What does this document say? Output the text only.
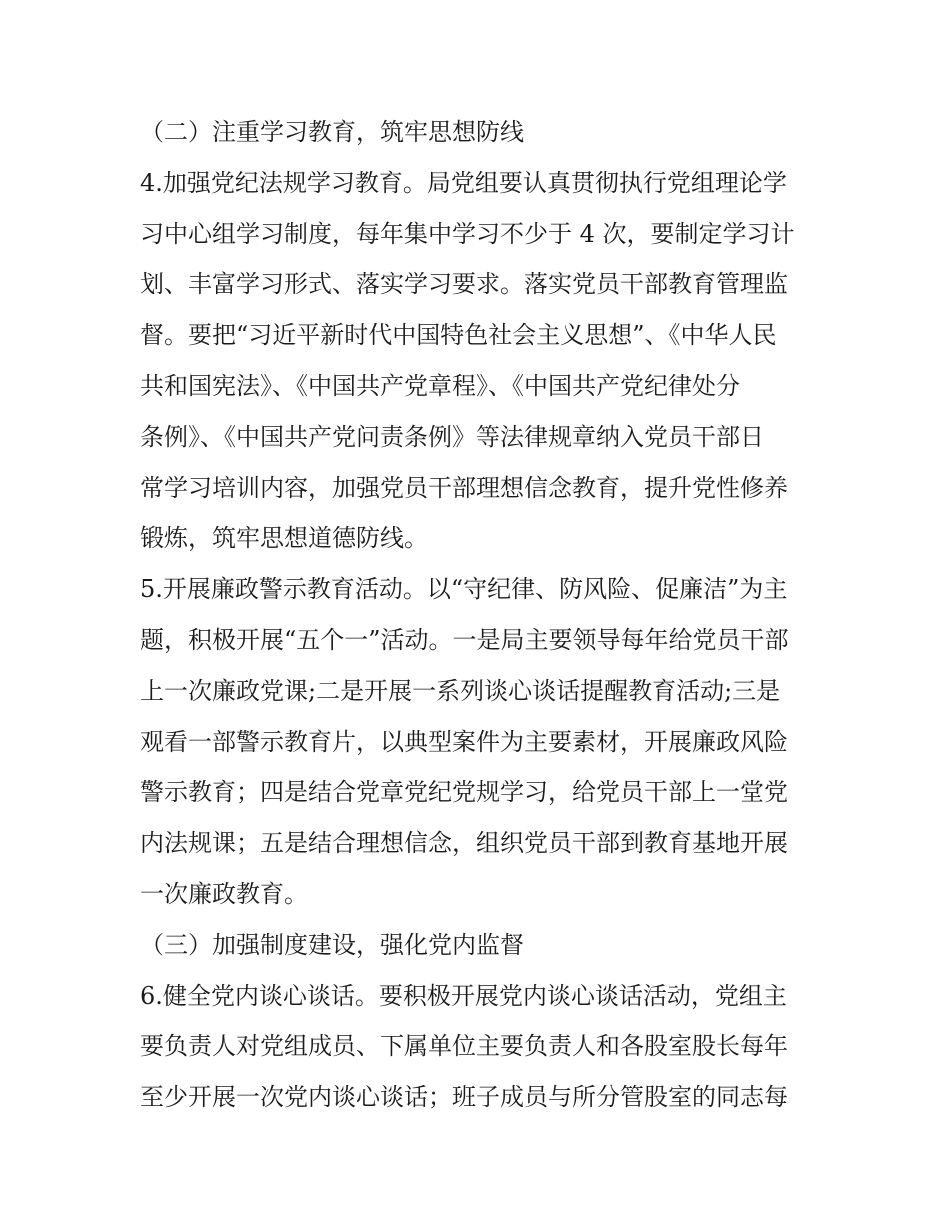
（二）注重学习教育，筑牢思想防线
4.加强党纪法规学习教育。局党组要认真贯彻执行党组理论学
习中心组学习制度，每年集中学习不少于 4 次，要制定学习计
划、丰富学习形式、落实学习要求。落实党员干部教育管理监
督。要把“习近平新时代中国特色社会主义思想”、《中华人民
共和国宪法》、《中国共产党章程》、《中国共产党纪律处分
条例》、《中国共产党问责条例》等法律规章纳入党员干部日
常学习培训内容，加强党员干部理想信念教育，提升党性修养
锻炼，筑牢思想道德防线。
5.开展廉政警示教育活动。以“守纪律、防风险、促廉洁”为主
题，积极开展“五个一”活动。一是局主要领导每年给党员干部
上一次廉政党课;二是开展一系列谈心谈话提醒教育活动;三是
观看一部警示教育片，以典型案件为主要素材，开展廉政风险
警示教育；四是结合党章党纪党规学习，给党员干部上一堂党
内法规课；五是结合理想信念，组织党员干部到教育基地开展
一次廉政教育。
（三）加强制度建设，强化党内监督
6.健全党内谈心谈话。要积极开展党内谈心谈话活动，党组主
要负责人对党组成员、下属单位主要负责人和各股室股长每年
至少开展一次党内谈心谈话；班子成员与所分管股室的同志每
